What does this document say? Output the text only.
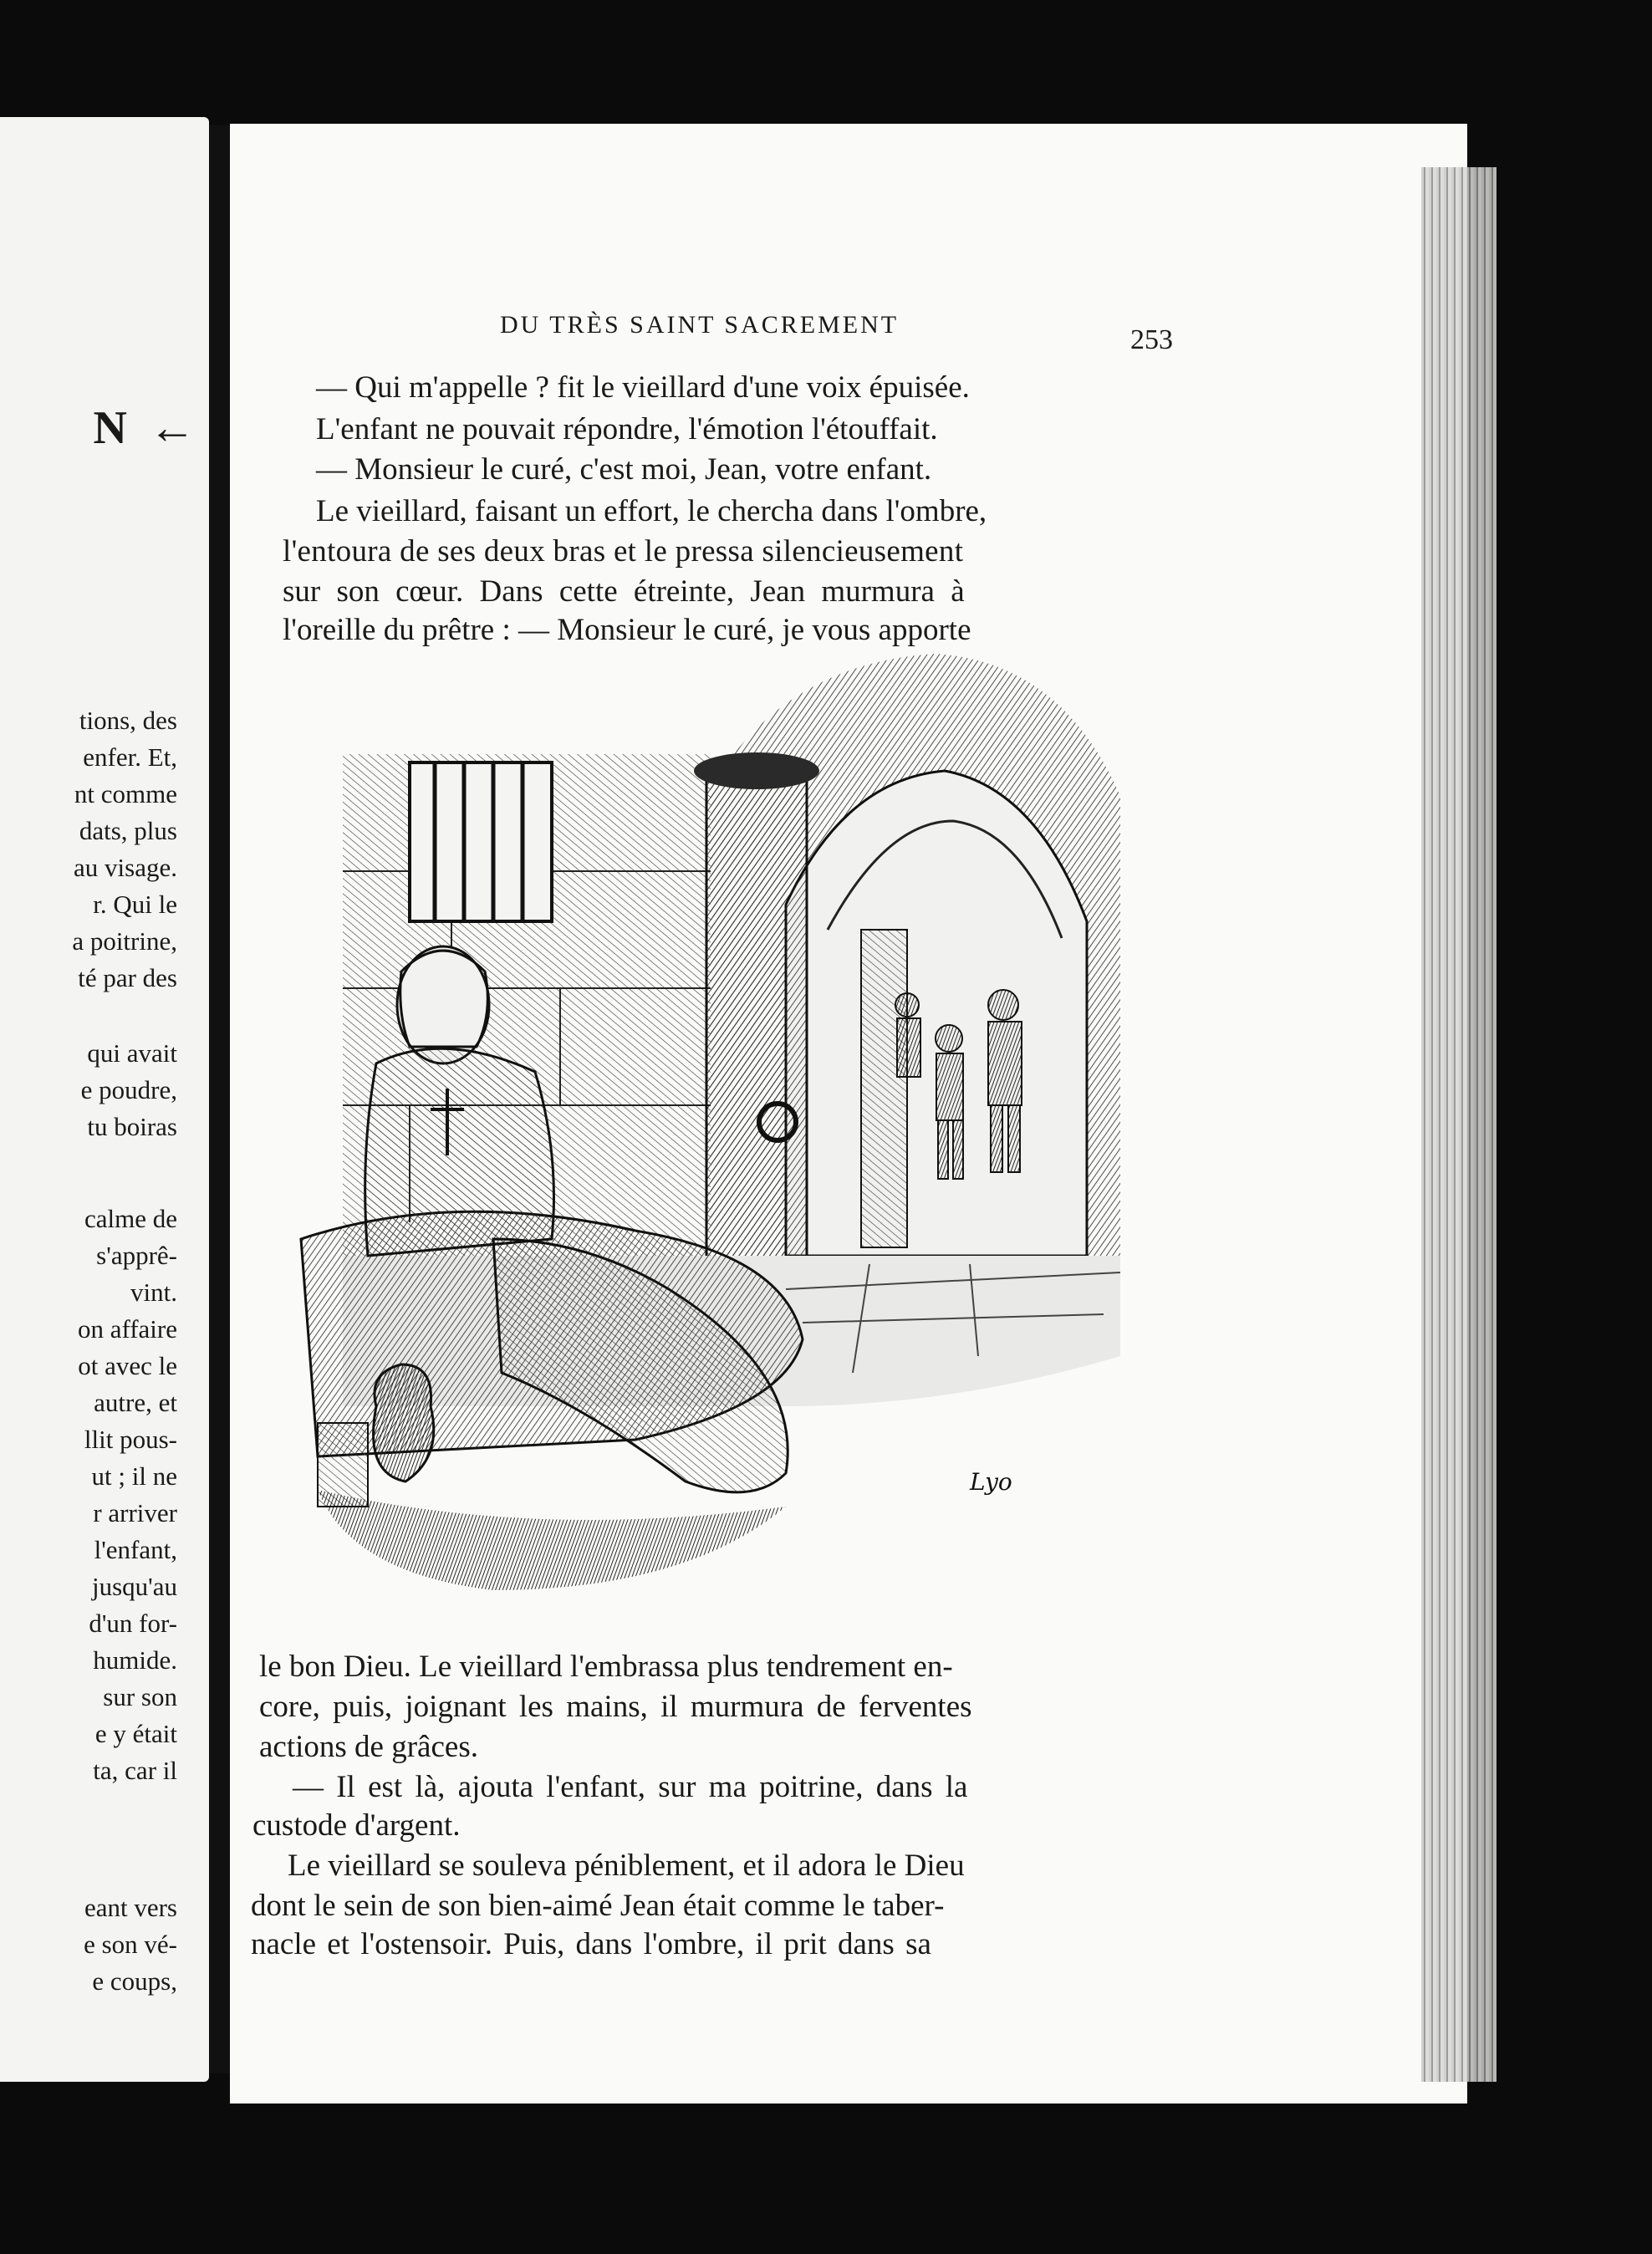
N ←
tions, des
enfer. Et,
nt comme
dats, plus
au visage.
r. Qui le
a poitrine,
té par des
qui avait
e poudre,
tu boiras
calme de
s'apprê-
vint.
on affaire
ot avec le
autre, et
llit pous-
ut ; il ne
r arriver
l'enfant,
jusqu'au
d'un for-
humide.
sur son
e y était
ta, car il
eant vers
e son vé-
e coups,
DU TRÈS SAINT SACREMENT	253
— Qui m'appelle ? fit le vieillard d'une voix épuisée.
L'enfant ne pouvait répondre, l'émotion l'étouffait.
— Monsieur le curé, c'est moi, Jean, votre enfant.
Le vieillard, faisant un effort, le chercha dans l'ombre,
l'entoura de ses deux bras et le pressa silencieusement
sur son cœur. Dans cette étreinte, Jean murmura à
l'oreille du prêtre : — Monsieur le curé, je vous apporte
Lyo
le bon Dieu. Le vieillard l'embrassa plus tendrement en-
core, puis, joignant les mains, il murmura de ferventes
actions de grâces.
— Il est là, ajouta l'enfant, sur ma poitrine, dans la
custode d'argent.
Le vieillard se souleva péniblement, et il adora le Dieu
dont le sein de son bien-aimé Jean était comme le taber-
nacle et l'ostensoir. Puis, dans l'ombre, il prit dans sa
